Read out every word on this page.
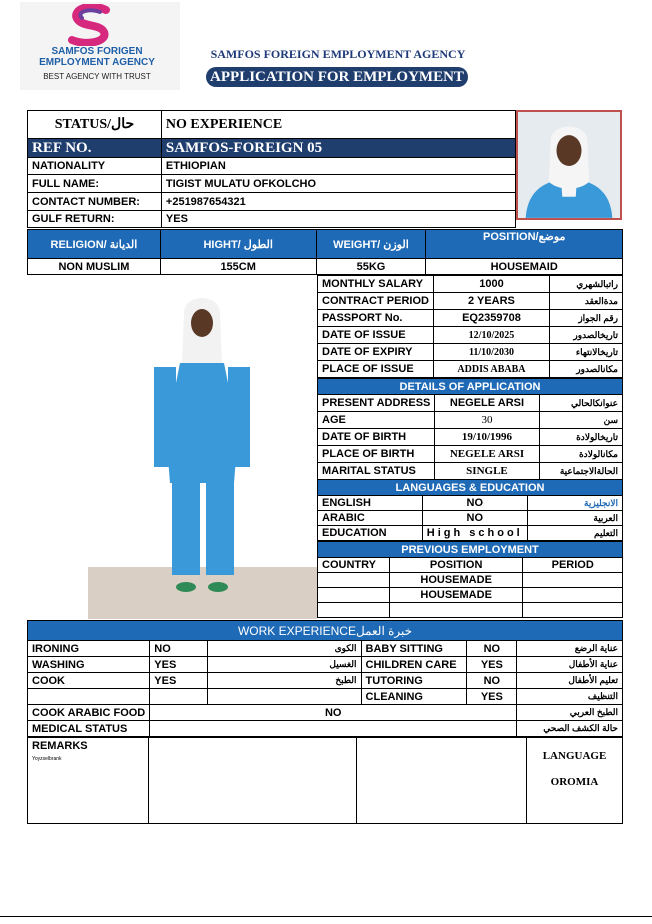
SAMFOS FORIGEN
EMPLOYMENT AGENCY
BEST AGENCY WITH TRUST
SAMFOS FOREIGN EMPLOYMENT AGENCY
APPLICATION FOR EMPLOYMENT
STATUS/حال	NO EXPERIENCE
REF NO.	SAMFOS-FOREIGN 05
NATIONALITY	ETHIOPIAN
FULL NAME:	TIGIST MULATU OFKOLCHO
CONTACT NUMBER:	+251987654321
GULF RETURN:	YES
RELIGION/ الديانة	HIGHT/ الطول	WEIGHT/ الوزن	POSITION/موضع
NON MUSLIM	155CM	55KG	HOUSEMAID
MONTHLY SALARY	1000	راتبالشهري
CONTRACT PERIOD	2 YEARS	مدةالعقد
PASSPORT No.	EQ2359708	رقم الجواز
DATE OF ISSUE	12/10/2025	تاريخالصدور
DATE OF EXPIRY	11/10/2030	تاريخالانتهاء
PLACE OF ISSUE	ADDIS ABABA	مكانالصدور
DETAILS OF APPLICATION		
PRESENT ADDRESS	NEGELE ARSI	عنوانكالحالي
AGE	30	سن
DATE OF BIRTH	19/10/1996	تاريخالولادة
PLACE OF BIRTH	NEGELE ARSI	مكانالولادة
MARITAL STATUS	SINGLE	الحالةالاجتماعية
LANGUAGES & EDUCATION		
ENGLISH	NO	الانجليزية
ARABIC	NO	العربية
EDUCATION	High school	التعليم
PREVIOUS EMPLOYMENT		
COUNTRY	POSITION	PERIOD
	HOUSEMADE	
	HOUSEMADE	

WORK EXPERIENCEخبرة العمل					
IRONING	NO	الكوى	BABY SITTING	NO	عناية الرضع
WASHING	YES	الغسيل	CHILDREN CARE	YES	عناية الأطفال
COOK	YES	الطبخ	TUTORING	NO	تعليم الأطفال
			CLEANING	YES	التنظيف
COOK ARABIC FOOD	NO				الطبخ العربي
MEDICAL STATUS					حالة الكشف الصحي
REMARKS
Yoyzselbrank			LANGUAGE
OROMIA
